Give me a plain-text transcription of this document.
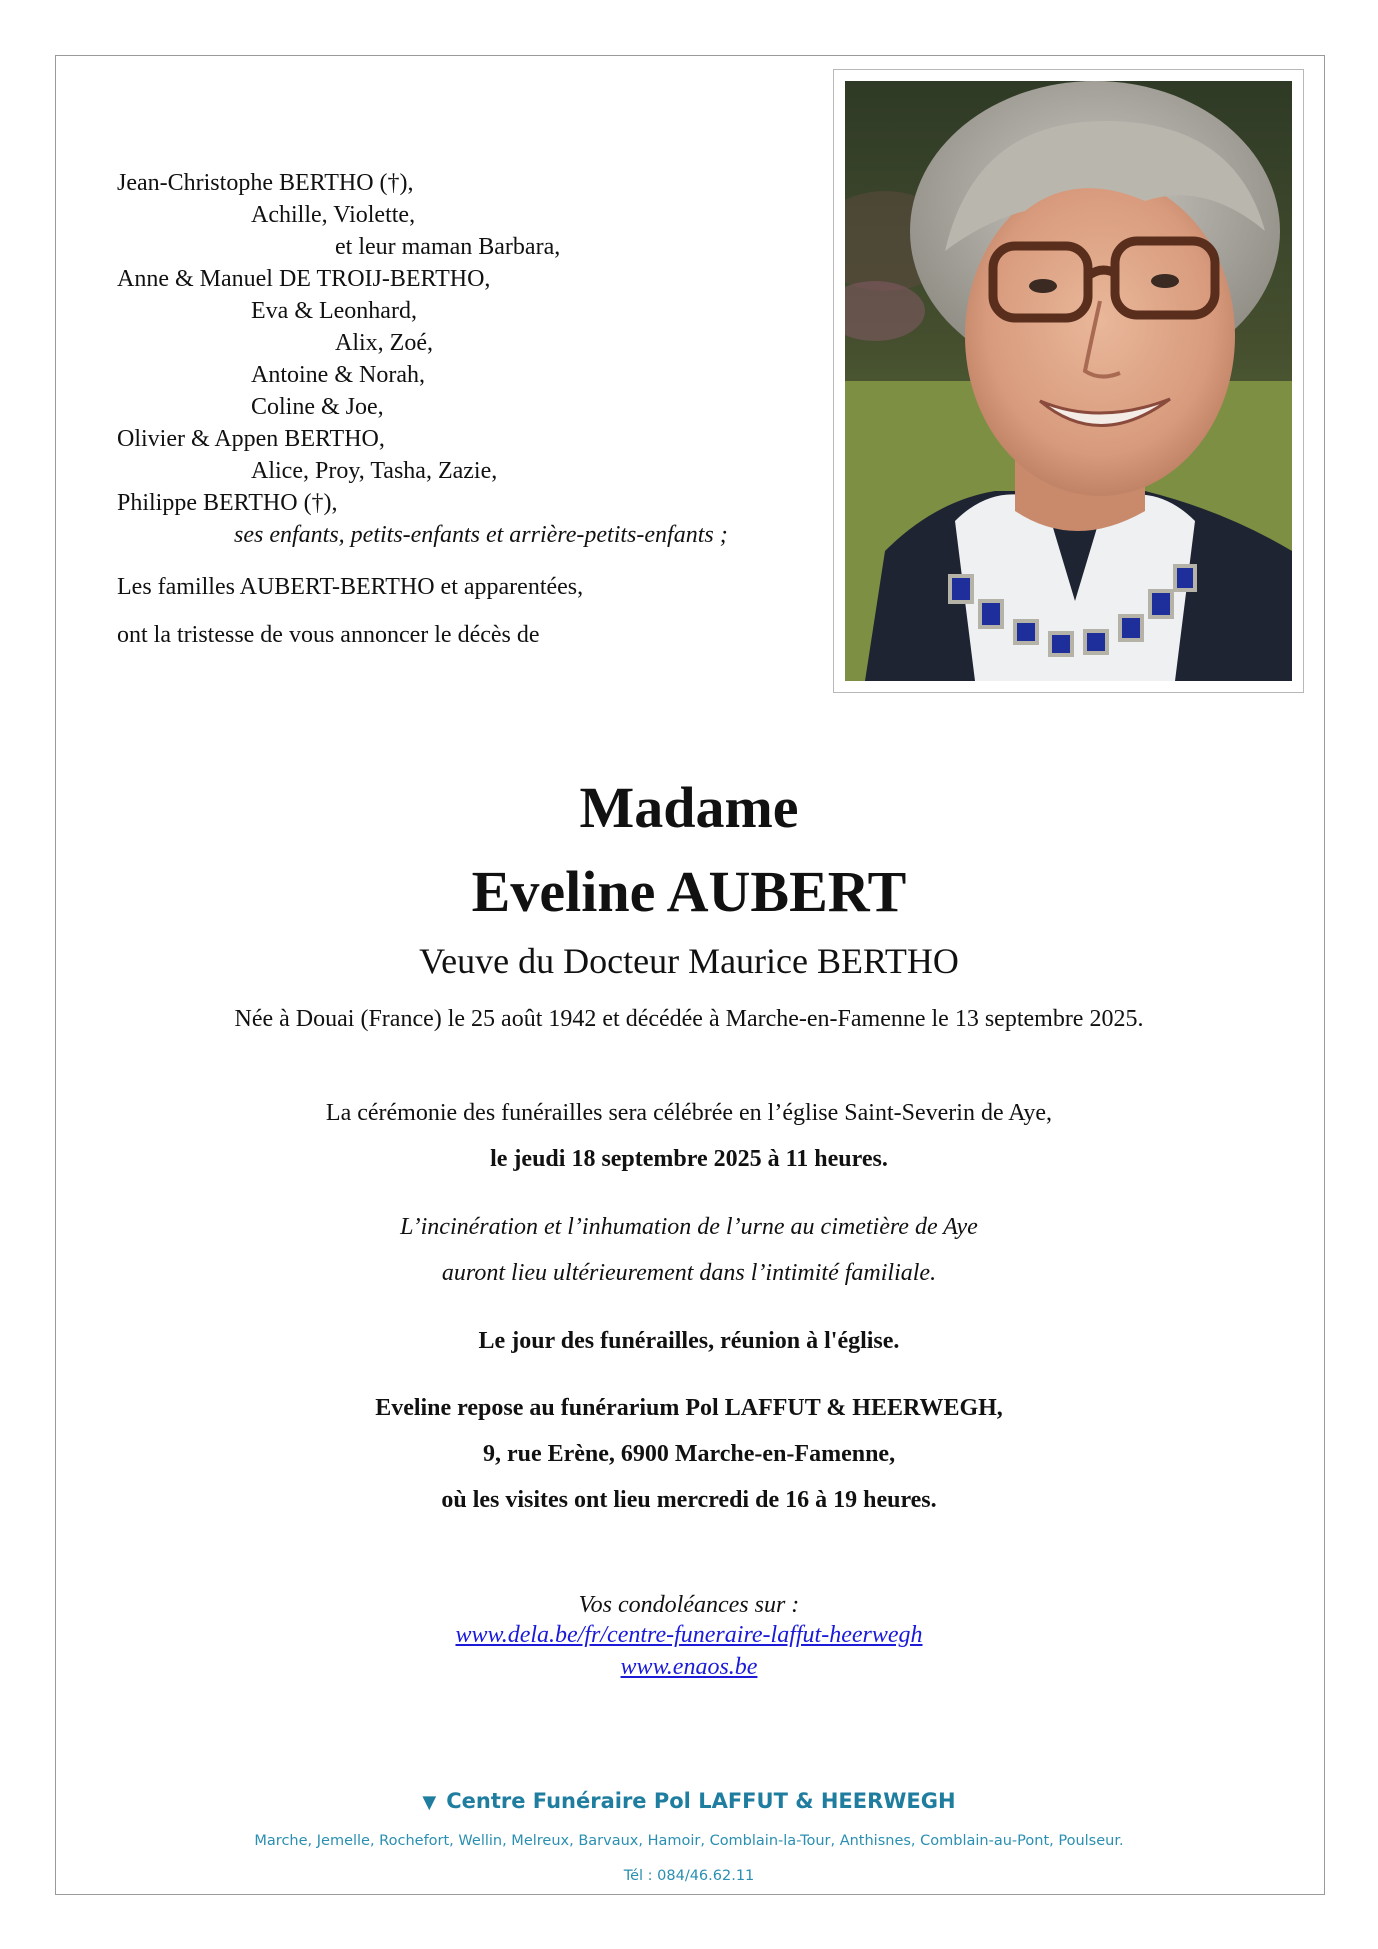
Jean-Christophe BERTHO (†),
Achille, Violette,
et leur maman Barbara,
Anne & Manuel DE TROIJ-BERTHO,
Eva & Leonhard,
Alix, Zoé,
Antoine & Norah,
Coline & Joe,
Olivier & Appen BERTHO,
Alice, Proy, Tasha, Zazie,
Philippe BERTHO (†),
ses enfants, petits-enfants et arrière-petits-enfants ;
Les familles AUBERT-BERTHO et apparentées,
ont la tristesse de vous annoncer le décès de
Madame
Eveline AUBERT
Veuve du Docteur Maurice BERTHO
Née à Douai (France) le 25 août 1942 et décédée à Marche-en-Famenne le 13 septembre 2025.
La cérémonie des funérailles sera célébrée en l’église Saint-Severin de Aye,
le jeudi 18 septembre 2025 à 11 heures.
L’incinération et l’inhumation de l’urne au cimetière de Aye
auront lieu ultérieurement dans l’intimité familiale.
Le jour des funérailles, réunion à l'église.
Eveline repose au funérarium Pol LAFFUT & HEERWEGH,
9, rue Erène, 6900 Marche-en-Famenne,
où les visites ont lieu mercredi de 16 à 19 heures.
Vos condoléances sur :
www.dela.be/fr/centre-funeraire-laffut-heerwegh
www.enaos.be
▼ Centre Funéraire Pol LAFFUT & HEERWEGH
Marche, Jemelle, Rochefort, Wellin, Melreux, Barvaux, Hamoir, Comblain-la-Tour, Anthisnes, Comblain-au-Pont, Poulseur.
Tél : 084/46.62.11
